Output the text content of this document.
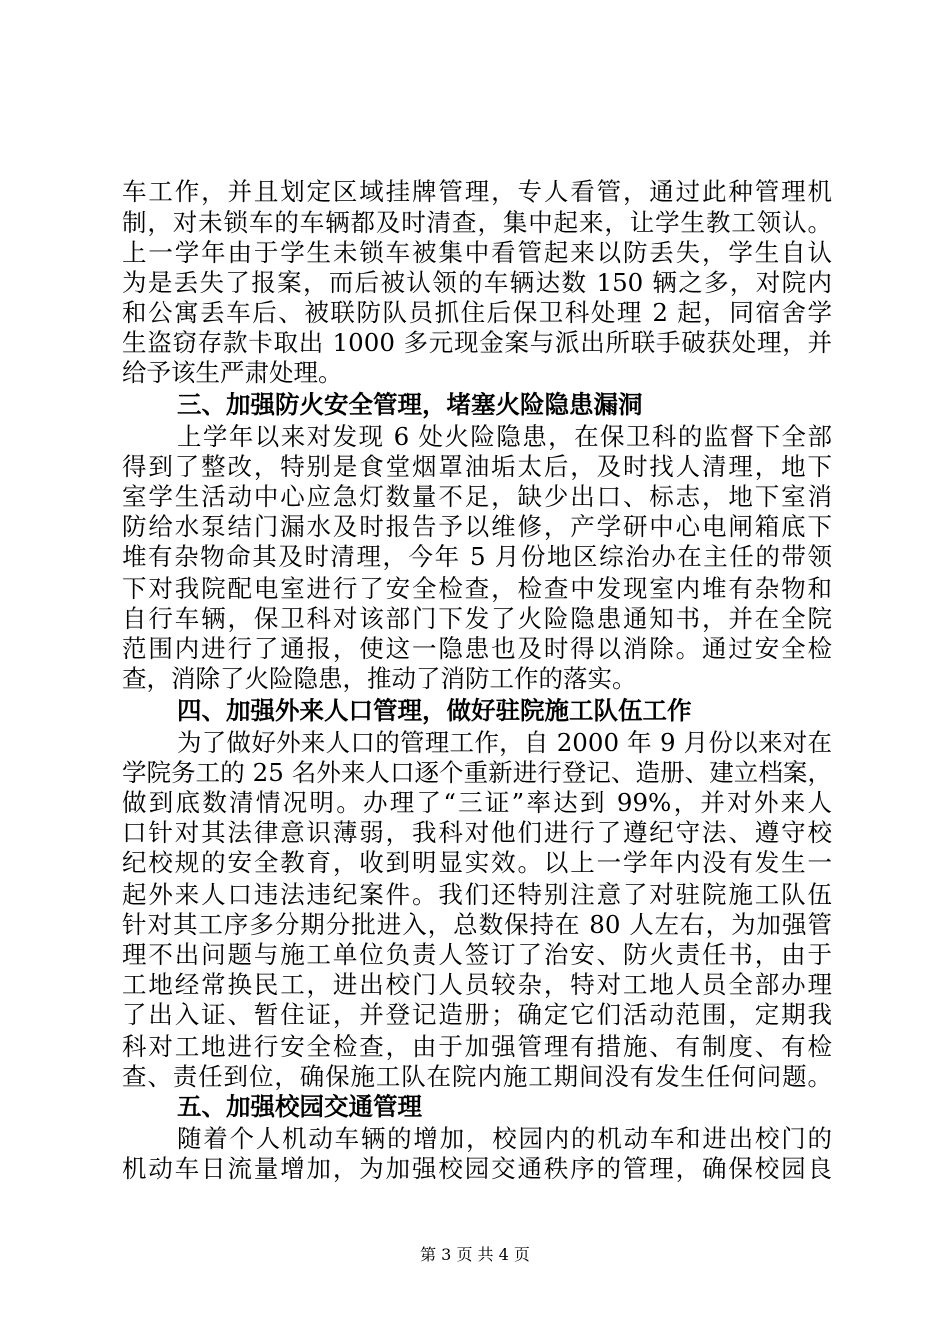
车工作，并且划定区域挂牌管理，专人看管，通过此种管理机
制，对未锁车的车辆都及时清查，集中起来，让学生教工领认。
上一学年由于学生未锁车被集中看管起来以防丢失，学生自认
为是丢失了报案，而后被认领的车辆达数 150 辆之多，对院内
和公寓丢车后、被联防队员抓住后保卫科处理 2 起，同宿舍学
生盗窃存款卡取出 1000 多元现金案与派出所联手破获处理，并
给予该生严肃处理。
三、加强防火安全管理，堵塞火险隐患漏洞
上学年以来对发现 6 处火险隐患，在保卫科的监督下全部
得到了整改，特别是食堂烟罩油垢太后，及时找人清理，地下
室学生活动中心应急灯数量不足，缺少出口、标志，地下室消
防给水泵结门漏水及时报告予以维修，产学研中心电闸箱底下
堆有杂物命其及时清理，今年 5 月份地区综治办在主任的带领
下对我院配电室进行了安全检查，检查中发现室内堆有杂物和
自行车辆，保卫科对该部门下发了火险隐患通知书，并在全院
范围内进行了通报，使这一隐患也及时得以消除。通过安全检
查，消除了火险隐患，推动了消防工作的落实。
四、加强外来人口管理，做好驻院施工队伍工作
为了做好外来人口的管理工作，自 2000 年 9 月份以来对在
学院务工的 25 名外来人口逐个重新进行登记、造册、建立档案，
做到底数清情况明。办理了“三证”率达到 99%，并对外来人
口针对其法律意识薄弱，我科对他们进行了遵纪守法、遵守校
纪校规的安全教育，收到明显实效。以上一学年内没有发生一
起外来人口违法违纪案件。我们还特别注意了对驻院施工队伍
针对其工序多分期分批进入，总数保持在 80 人左右，为加强管
理不出问题与施工单位负责人签订了治安、防火责任书，由于
工地经常换民工，进出校门人员较杂，特对工地人员全部办理
了出入证、暂住证，并登记造册；确定它们活动范围，定期我
科对工地进行安全检查，由于加强管理有措施、有制度、有检
查、责任到位，确保施工队在院内施工期间没有发生任何问题。
五、加强校园交通管理
随着个人机动车辆的增加，校园内的机动车和进出校门的
机动车日流量增加，为加强校园交通秩序的管理，确保校园良
第 3 页 共 4 页
